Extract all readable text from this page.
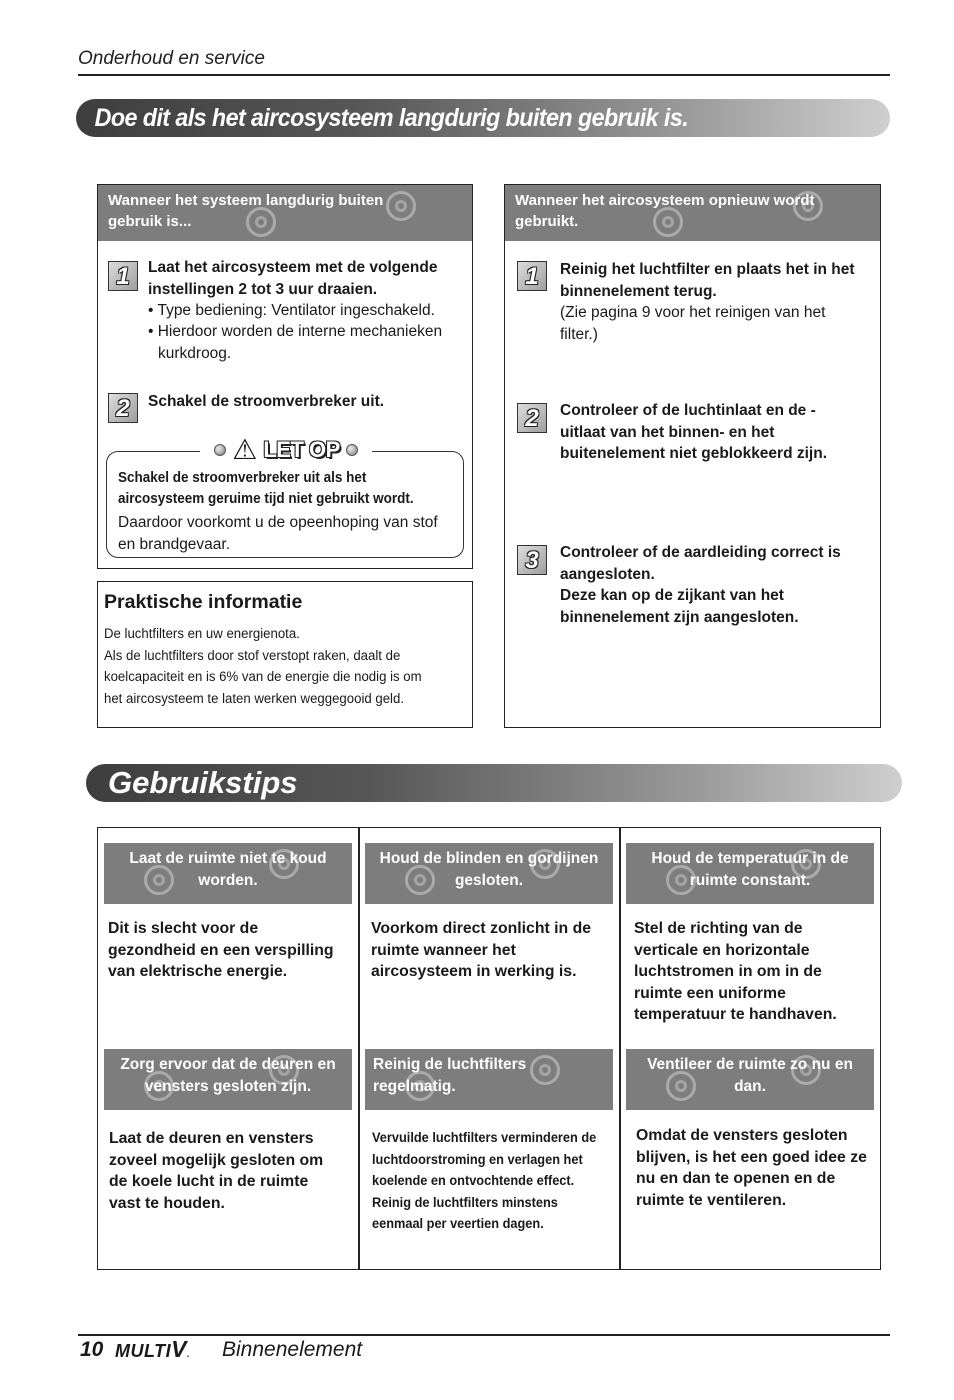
Onderhoud en service
Doe dit als het aircosysteem langdurig buiten gebruik is.
Wanneer het systeem langdurig buiten gebruik is...
1	Laat het aircosysteem met de volgende instellingen 2 tot 3 uur draaien.
• Type bediening: Ventilator ingeschakeld.
• Hierdoor worden de interne mechanieken
kurkdroog.
2	Schakel de stroomverbreker uit.
⚠ LET OP
Schakel de stroomverbreker uit als het aircosysteem geruime tijd niet gebruikt wordt.
Daardoor voorkomt u de opeenhoping van stof en brandgevaar.
Wanneer het aircosysteem opnieuw wordt gebruikt.
1	Reinig het luchtfilter en plaats het in het binnenelement terug.
(Zie pagina 9 voor het reinigen van het filter.)
2	Controleer of de luchtinlaat en de - uitlaat van het binnen- en het buitenelement niet geblokkeerd zijn.
3	Controleer of de aardleiding correct is aangesloten.
Deze kan op de zijkant van het binnenelement zijn aangesloten.
Praktische informatie
De luchtfilters en uw energienota.
Als de luchtfilters door stof verstopt raken, daalt de
koelcapaciteit en is 6% van de energie die nodig is om
het aircosysteem te laten werken weggegooid geld.
Gebruikstips
Laat de ruimte niet te koud worden.
Dit is slecht voor de gezondheid en een verspilling van elektrische energie.
Houd de blinden en gordijnen gesloten.
Voorkom direct zonlicht in de ruimte wanneer het aircosysteem in werking is.
Houd de temperatuur in de ruimte constant.
Stel de richting van de verticale en horizontale luchtstromen in om in de ruimte een uniforme temperatuur te handhaven.
Zorg ervoor dat de deuren en vensters gesloten zijn.
Laat de deuren en vensters zoveel mogelijk gesloten om de koele lucht in de ruimte vast te houden.
Reinig de luchtfilters regelmatig.
Vervuilde luchtfilters verminderen de luchtdoorstroming en verlagen het koelende en ontvochtende effect. Reinig de luchtfilters minstens eenmaal per veertien dagen.
Ventileer de ruimte zo nu en dan.
Omdat de vensters gesloten blijven, is het een goed idee ze nu en dan te openen en de ruimte te ventileren.
10 MULTIV. Binnenelement
